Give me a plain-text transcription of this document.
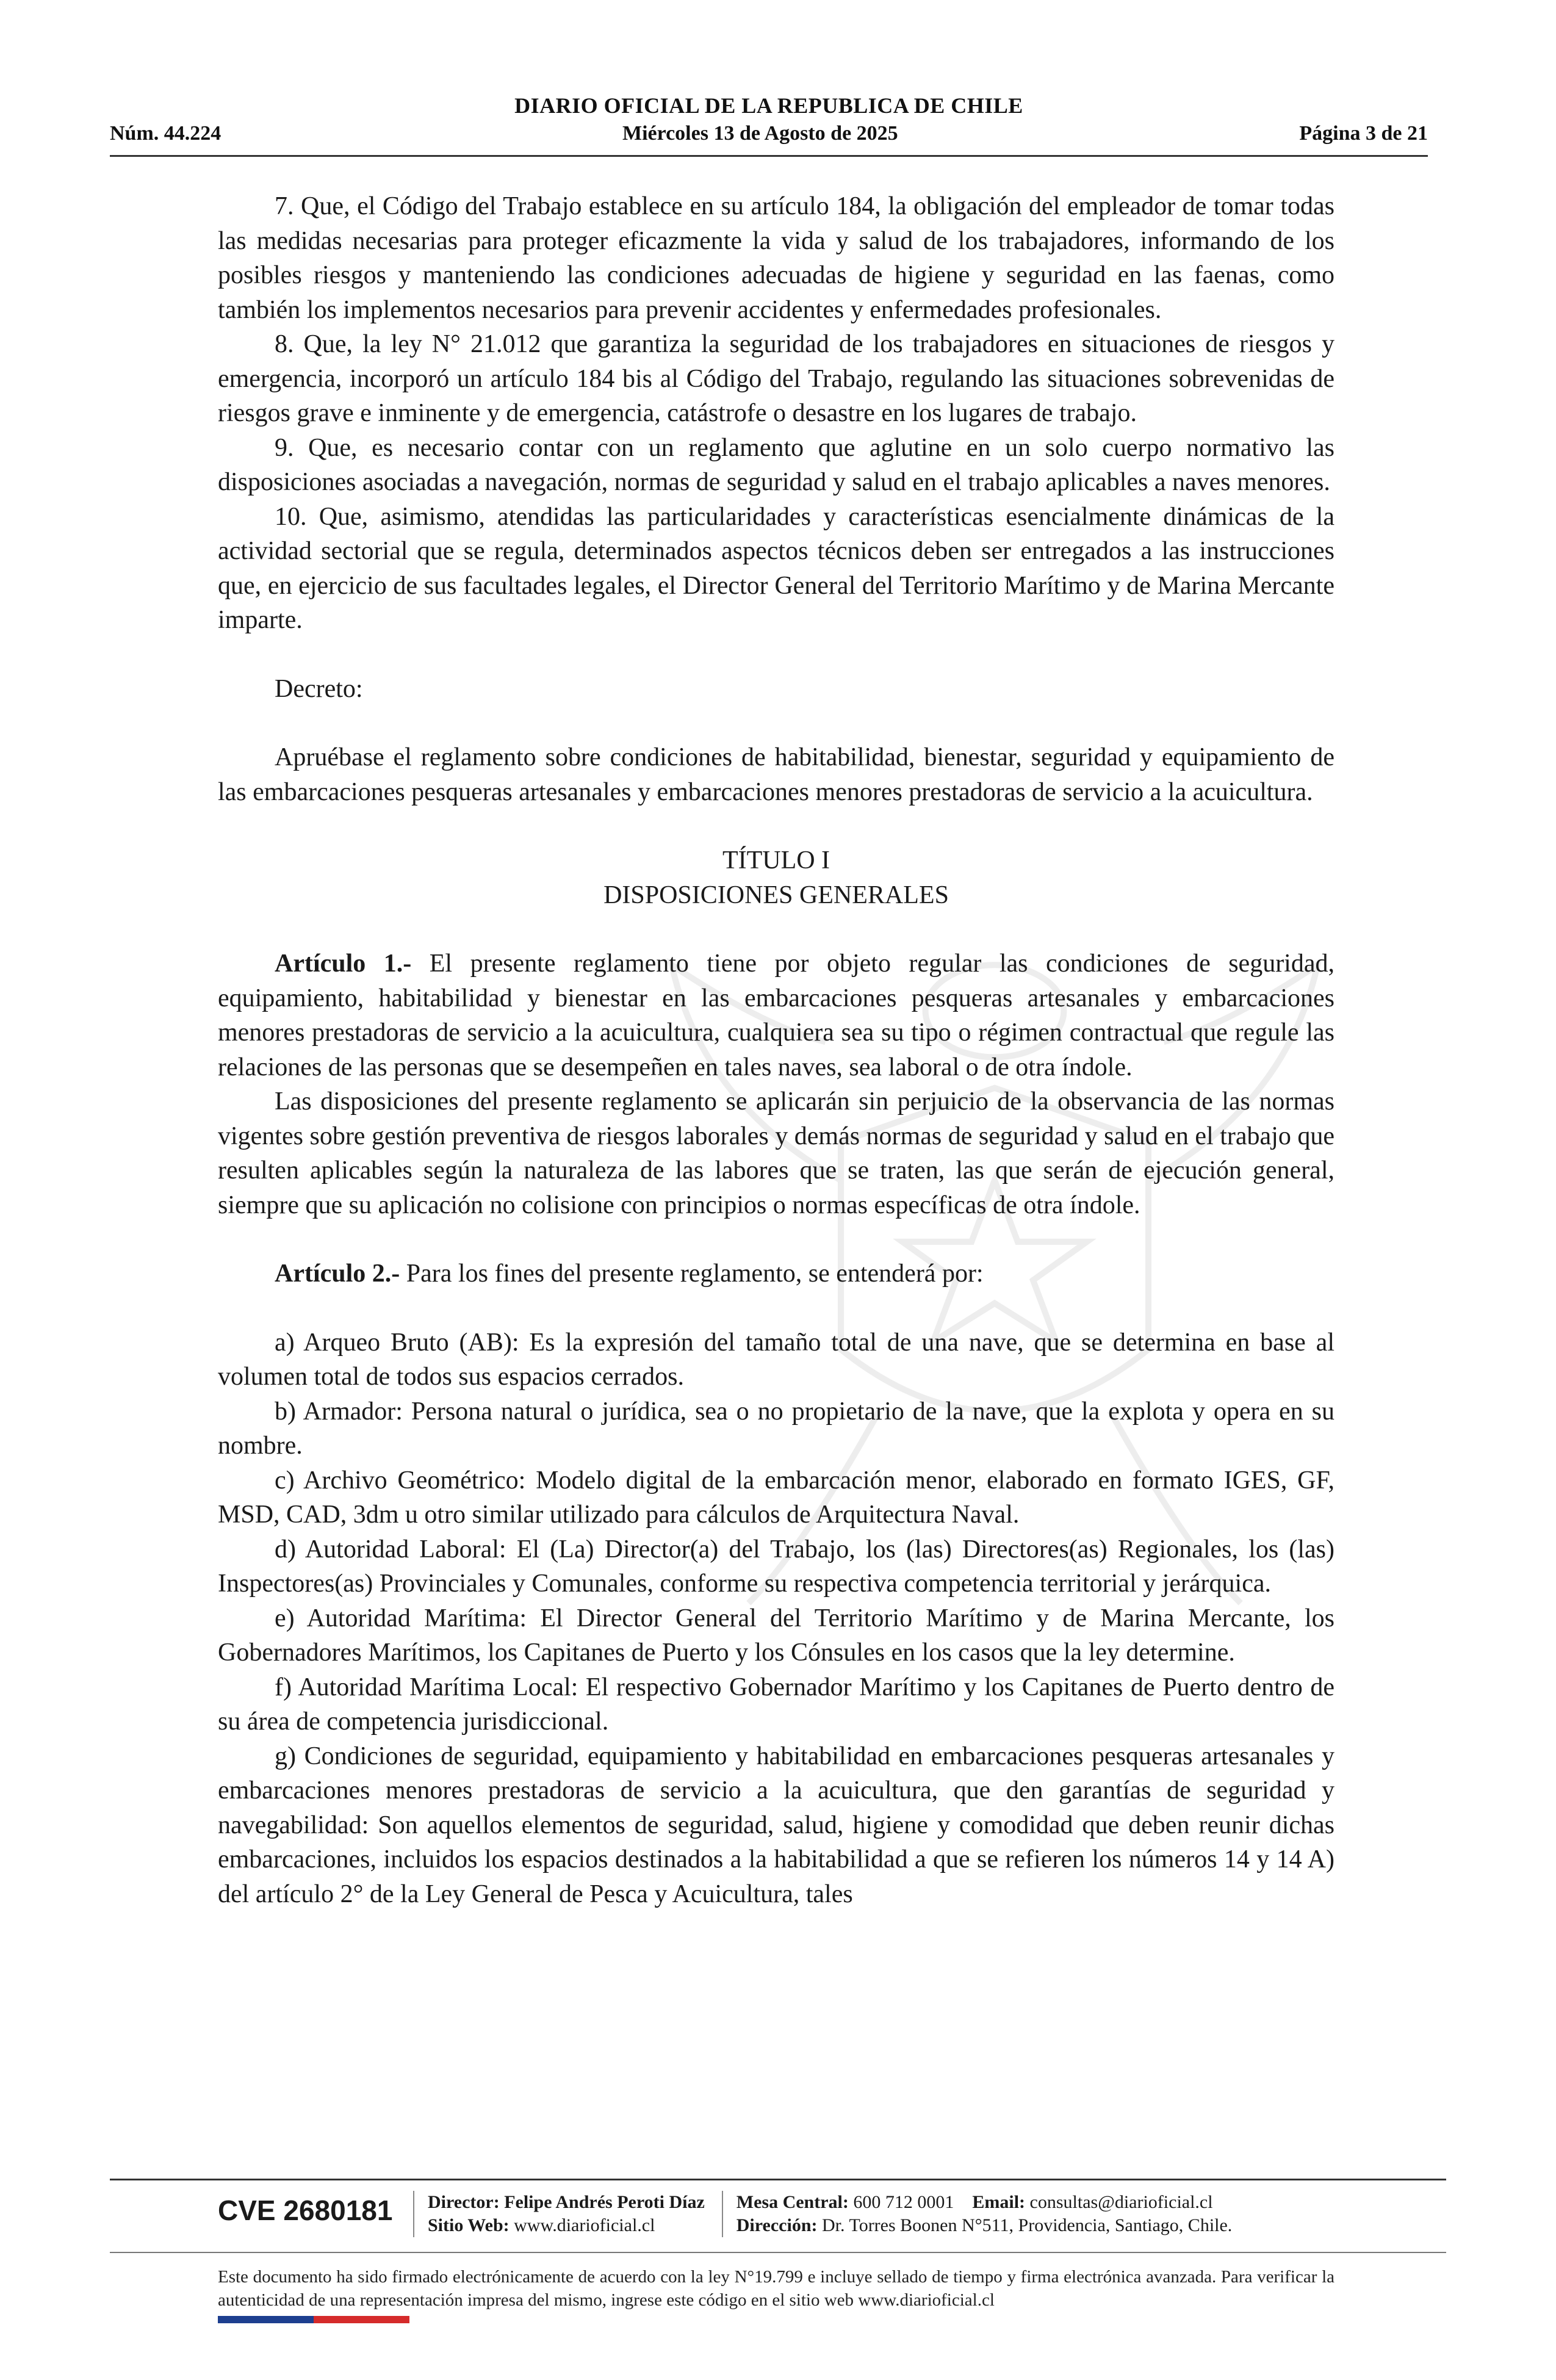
DIARIO OFICIAL DE LA REPUBLICA DE CHILE
Núm. 44.224	Miércoles 13 de Agosto de 2025	Página 3 de 21

7. Que, el Código del Trabajo establece en su artículo 184, la obligación del empleador de tomar todas las medidas necesarias para proteger eficazmente la vida y salud de los trabajadores, informando de los posibles riesgos y manteniendo las condiciones adecuadas de higiene y seguridad en las faenas, como también los implementos necesarios para prevenir accidentes y enfermedades profesionales.

8. Que, la ley N° 21.012 que garantiza la seguridad de los trabajadores en situaciones de riesgos y emergencia, incorporó un artículo 184 bis al Código del Trabajo, regulando las situaciones sobrevenidas de riesgos grave e inminente y de emergencia, catástrofe o desastre en los lugares de trabajo.

9. Que, es necesario contar con un reglamento que aglutine en un solo cuerpo normativo las disposiciones asociadas a navegación, normas de seguridad y salud en el trabajo aplicables a naves menores.

10. Que, asimismo, atendidas las particularidades y características esencialmente dinámicas de la actividad sectorial que se regula, determinados aspectos técnicos deben ser entregados a las instrucciones que, en ejercicio de sus facultades legales, el Director General del Territorio Marítimo y de Marina Mercante imparte.

Decreto:

Apruébase el reglamento sobre condiciones de habitabilidad, bienestar, seguridad y equipamiento de las embarcaciones pesqueras artesanales y embarcaciones menores prestadoras de servicio a la acuicultura.

TÍTULO I
DISPOSICIONES GENERALES

Artículo 1.- El presente reglamento tiene por objeto regular las condiciones de seguridad, equipamiento, habitabilidad y bienestar en las embarcaciones pesqueras artesanales y embarcaciones menores prestadoras de servicio a la acuicultura, cualquiera sea su tipo o régimen contractual que regule las relaciones de las personas que se desempeñen en tales naves, sea laboral o de otra índole.

Las disposiciones del presente reglamento se aplicarán sin perjuicio de la observancia de las normas vigentes sobre gestión preventiva de riesgos laborales y demás normas de seguridad y salud en el trabajo que resulten aplicables según la naturaleza de las labores que se traten, las que serán de ejecución general, siempre que su aplicación no colisione con principios o normas específicas de otra índole.

Artículo 2.- Para los fines del presente reglamento, se entenderá por:

a) Arqueo Bruto (AB): Es la expresión del tamaño total de una nave, que se determina en base al volumen total de todos sus espacios cerrados.

b) Armador: Persona natural o jurídica, sea o no propietario de la nave, que la explota y opera en su nombre.

c) Archivo Geométrico: Modelo digital de la embarcación menor, elaborado en formato IGES, GF, MSD, CAD, 3dm u otro similar utilizado para cálculos de Arquitectura Naval.

d) Autoridad Laboral: El (La) Director(a) del Trabajo, los (las) Directores(as) Regionales, los (las) Inspectores(as) Provinciales y Comunales, conforme su respectiva competencia territorial y jerárquica.

e) Autoridad Marítima: El Director General del Territorio Marítimo y de Marina Mercante, los Gobernadores Marítimos, los Capitanes de Puerto y los Cónsules en los casos que la ley determine.

f) Autoridad Marítima Local: El respectivo Gobernador Marítimo y los Capitanes de Puerto dentro de su área de competencia jurisdiccional.

g) Condiciones de seguridad, equipamiento y habitabilidad en embarcaciones pesqueras artesanales y embarcaciones menores prestadoras de servicio a la acuicultura, que den garantías de seguridad y navegabilidad: Son aquellos elementos de seguridad, salud, higiene y comodidad que deben reunir dichas embarcaciones, incluidos los espacios destinados a la habitabilidad a que se refieren los números 14 y 14 A) del artículo 2° de la Ley General de Pesca y Acuicultura, tales

CVE 2680181	Director: Felipe Andrés Peroti Díaz
Sitio Web: www.diarioficial.cl
Mesa Central: 600 712 0001 Email: consultas@diarioficial.cl
Dirección: Dr. Torres Boonen N°511, Providencia, Santiago, Chile.
Este documento ha sido firmado electrónicamente de acuerdo con la ley N°19.799 e incluye sellado de tiempo y firma electrónica avanzada. Para verificar la autenticidad de una representación impresa del mismo, ingrese este código en el sitio web www.diarioficial.cl
